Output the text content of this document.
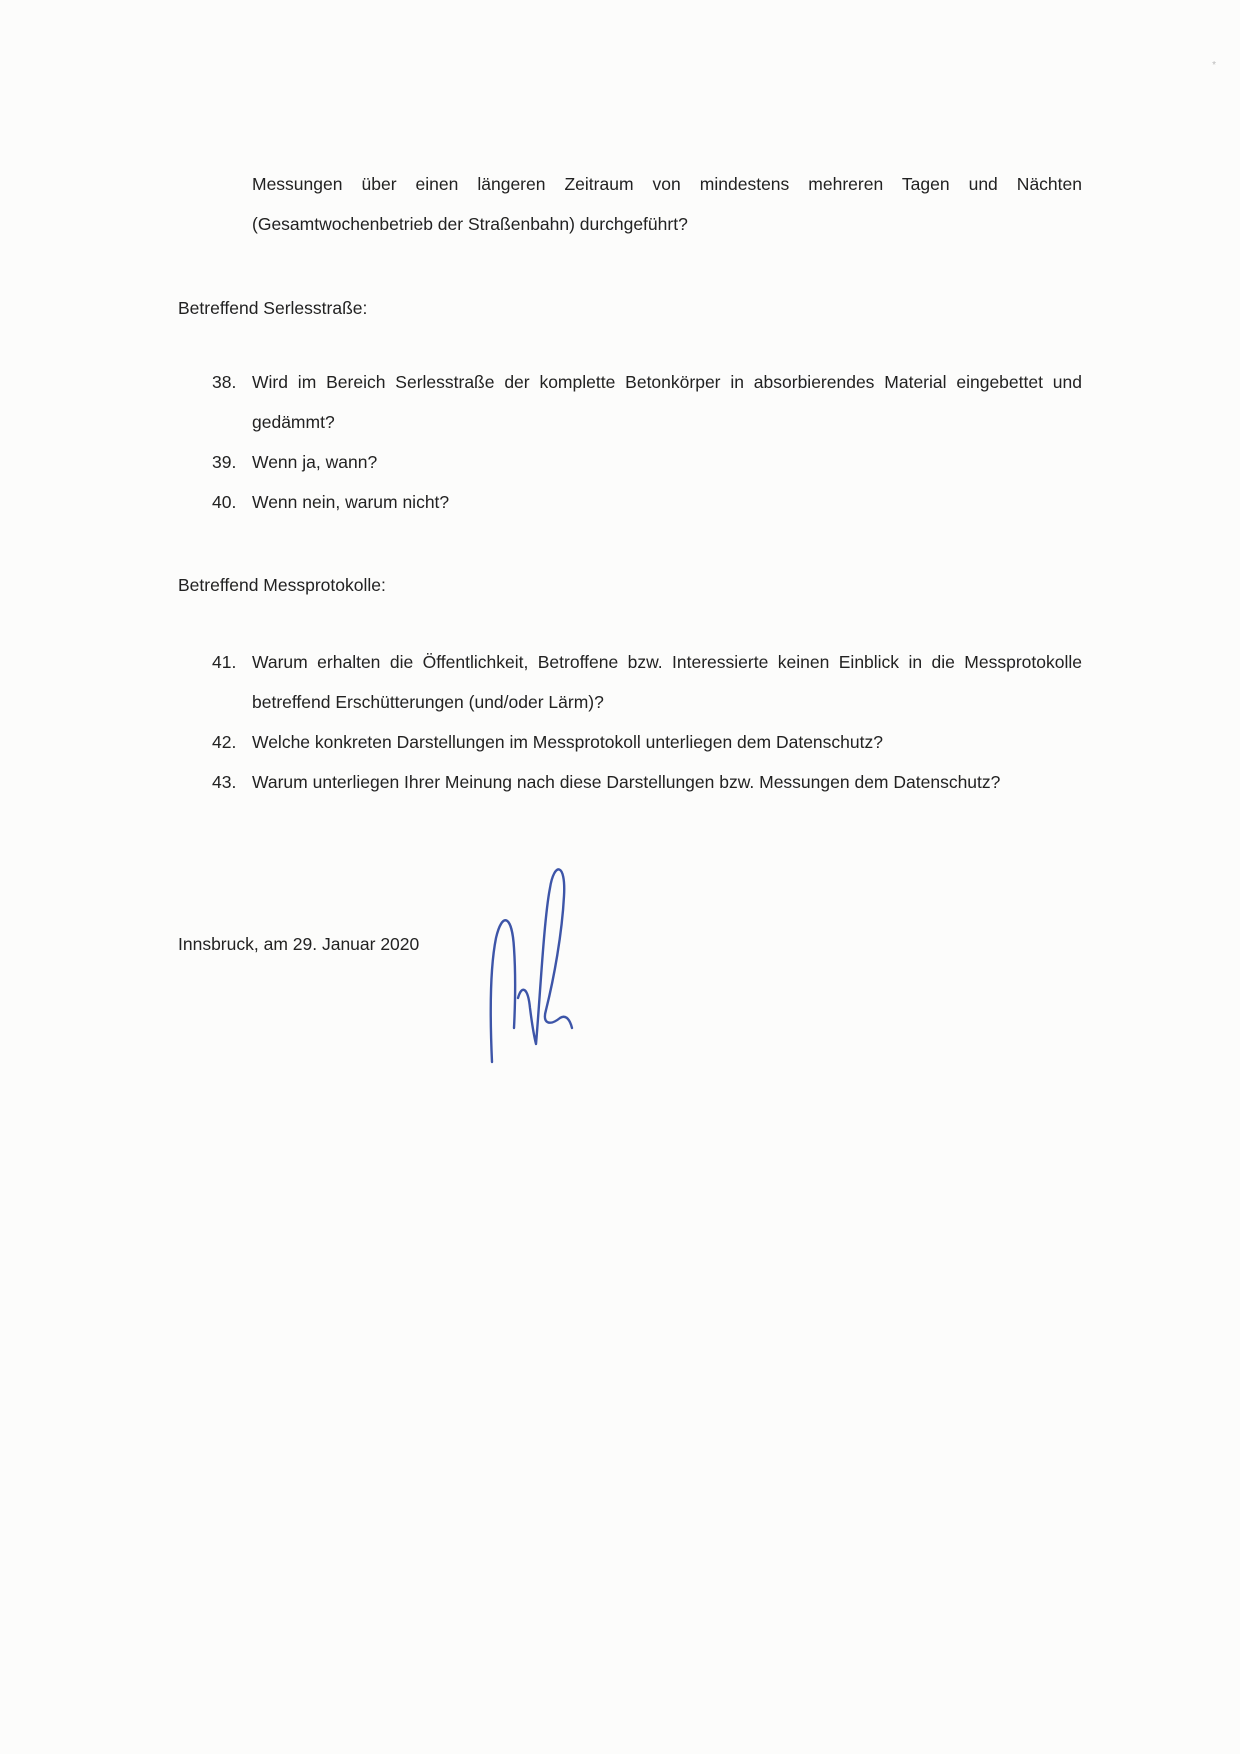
*

Messungen über einen längeren Zeitraum von mindestens mehreren Tagen und Nächten (Gesamtwochenbetrieb der Straßenbahn) durchgeführt?

Betreffend Serlesstraße:
38. Wird im Bereich Serlesstraße der komplette Betonkörper in absorbierendes Material eingebettet und gedämmt?
39. Wenn ja, wann?
40. Wenn nein, warum nicht?
Betreffend Messprotokolle:
41. Warum erhalten die Öffentlichkeit, Betroffene bzw. Interessierte keinen Einblick in die Messprotokolle betreffend Erschütterungen (und/oder Lärm)?
42. Welche konkreten Darstellungen im Messprotokoll unterliegen dem Datenschutz?
43. Warum unterliegen Ihrer Meinung nach diese Darstellungen bzw. Messungen dem Datenschutz?
Innsbruck, am 29. Januar 2020
